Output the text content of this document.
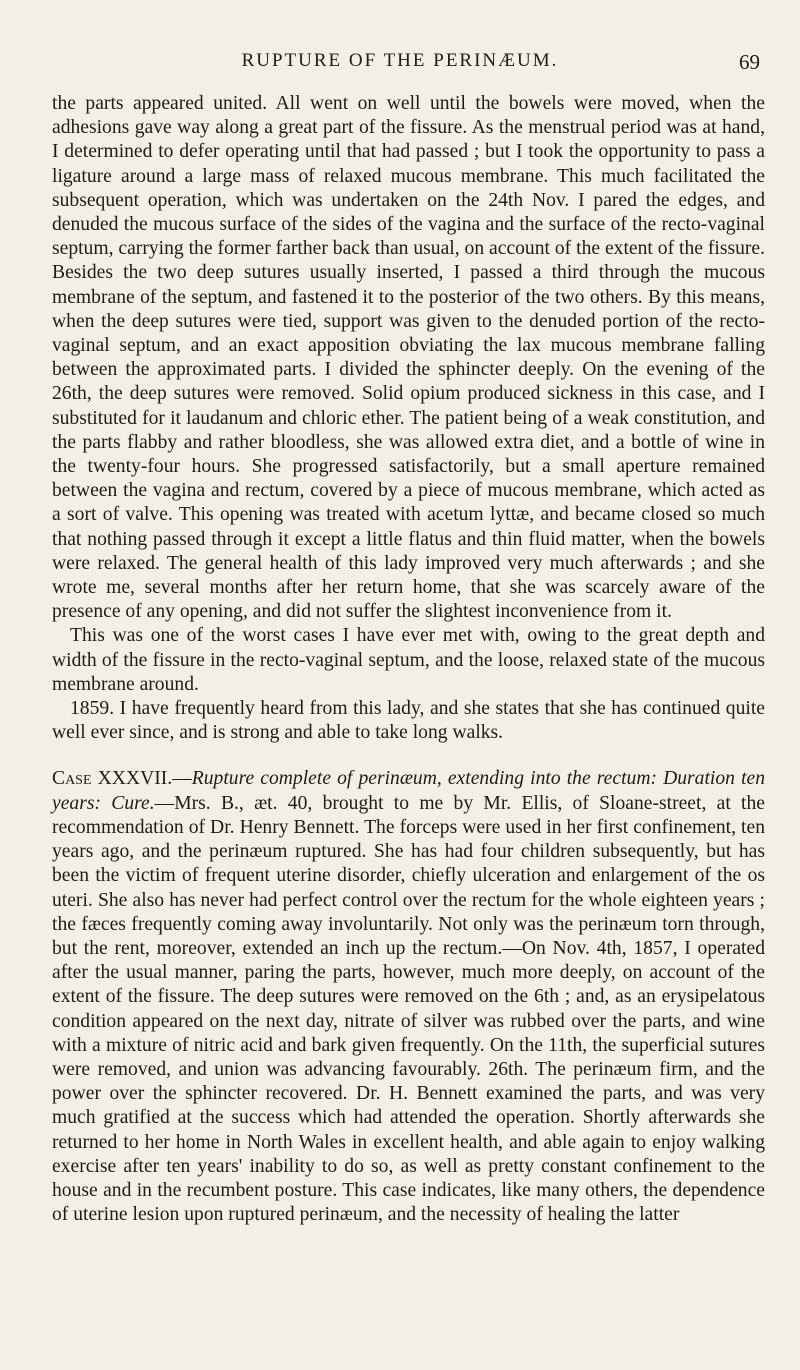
RUPTURE OF THE PERINÆUM.	69

the parts appeared united. All went on well until the bowels were moved, when the adhesions gave way along a great part of the fissure. As the menstrual period was at hand, I determined to defer operating until that had passed ; but I took the opportunity to pass a ligature around a large mass of relaxed mucous membrane. This much facilitated the subsequent operation, which was undertaken on the 24th Nov. I pared the edges, and denuded the mucous surface of the sides of the vagina and the surface of the recto-vaginal septum, carrying the former farther back than usual, on account of the extent of the fissure. Besides the two deep sutures usually inserted, I passed a third through the mucous membrane of the septum, and fastened it to the posterior of the two others. By this means, when the deep sutures were tied, support was given to the denuded portion of the recto-vaginal septum, and an exact apposition obviating the lax mucous membrane falling between the approximated parts. I divided the sphincter deeply. On the evening of the 26th, the deep sutures were removed. Solid opium produced sickness in this case, and I substituted for it laudanum and chloric ether. The patient being of a weak constitution, and the parts flabby and rather bloodless, she was allowed extra diet, and a bottle of wine in the twenty-four hours. She progressed satisfactorily, but a small aperture remained between the vagina and rectum, covered by a piece of mucous membrane, which acted as a sort of valve. This opening was treated with acetum lyttæ, and became closed so much that nothing passed through it except a little flatus and thin fluid matter, when the bowels were relaxed. The general health of this lady improved very much afterwards ; and she wrote me, several months after her return home, that she was scarcely aware of the presence of any opening, and did not suffer the slightest inconvenience from it.

This was one of the worst cases I have ever met with, owing to the great depth and width of the fissure in the recto-vaginal septum, and the loose, relaxed state of the mucous membrane around.

1859. I have frequently heard from this lady, and she states that she has continued quite well ever since, and is strong and able to take long walks.

Case XXXVII.—Rupture complete of perinæum, extending into the rectum: Duration ten years: Cure.—Mrs. B., æt. 40, brought to me by Mr. Ellis, of Sloane-street, at the recommendation of Dr. Henry Bennett. The forceps were used in her first confinement, ten years ago, and the perinæum ruptured. She has had four children subsequently, but has been the victim of frequent uterine disorder, chiefly ulceration and enlargement of the os uteri. She also has never had perfect control over the rectum for the whole eighteen years ; the fæces frequently coming away involuntarily. Not only was the perinæum torn through, but the rent, moreover, extended an inch up the rectum.—On Nov. 4th, 1857, I operated after the usual manner, paring the parts, however, much more deeply, on account of the extent of the fissure. The deep sutures were removed on the 6th ; and, as an erysipelatous condition appeared on the next day, nitrate of silver was rubbed over the parts, and wine with a mixture of nitric acid and bark given frequently. On the 11th, the superficial sutures were removed, and union was advancing favourably. 26th. The perinæum firm, and the power over the sphincter recovered. Dr. H. Bennett examined the parts, and was very much gratified at the success which had attended the operation. Shortly afterwards she returned to her home in North Wales in excellent health, and able again to enjoy walking exercise after ten years' inability to do so, as well as pretty constant confinement to the house and in the recumbent posture. This case indicates, like many others, the dependence of uterine lesion upon ruptured perinæum, and the necessity of healing the latter
